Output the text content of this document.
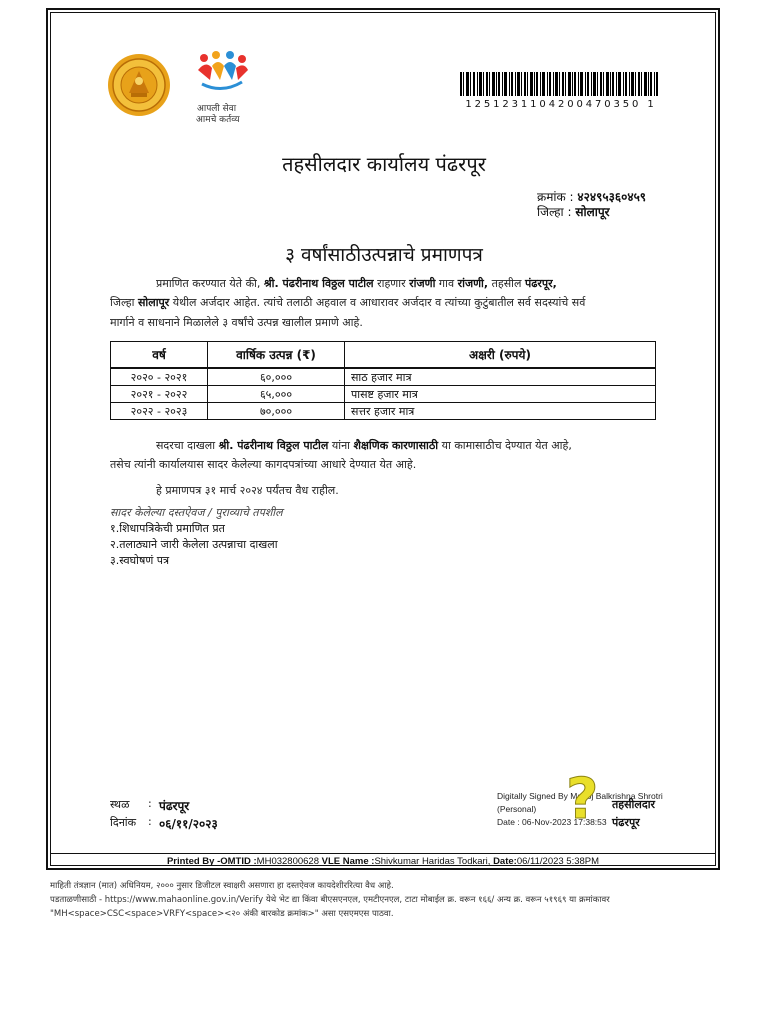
आपली सेवा
आमचे कर्तव्य
1251231104200470350 1
तहसीलदार कार्यालय पंढरपूर
क्रमांक : ४२४९५३६०४५९
जिल्हा : सोलापूर
३ वर्षांसाठीउत्पन्नाचे प्रमाणपत्र
प्रमाणित करण्यात येते की, श्री. पंढरीनाथ विठ्ठल पाटील राहणार रांजणी गाव रांजणी, तहसील पंढरपूर,
जिल्हा सोलापूर येथील अर्जदार आहेत. त्यांचे तलाठी अहवाल व आधारावर अर्जदार व त्यांच्या कुटुंबातील सर्व सदस्यांचे सर्व
मार्गाने व साधनाने मिळालेले ३ वर्षांचे उत्पन्न खालील प्रमाणे आहे.
वर्ष	वार्षिक उत्पन्न (₹)	अक्षरी (रुपये)
२०२० - २०२१	६०,०००	साठ हजार मात्र
२०२१ - २०२२	६५,०००	पासष्ट हजार मात्र
२०२२ - २०२३	७०,०००	सत्तर हजार मात्र
सदरचा दाखला श्री. पंढरीनाथ विठ्ठल पाटील यांना शैक्षणिक कारणासाठी या कामासाठीच देण्यात येत आहे,
तसेच त्यांनी कार्यालयास सादर केलेल्या कागदपत्रांच्या आधारे देण्यात येत आहे.
हे प्रमाणपत्र ३१ मार्च २०२४ पर्यंतच वैध राहील.
सादर केलेल्या दस्तऐवज / पुराव्याचे तपशील
१.शिधापत्रिकेची प्रमाणित प्रत
२.तलाठ्याने जारी केलेला उत्पन्नाचा दाखला
३.स्वघोषणं पत्र
स्थळ : पंढरपूर
दिनांक : ०६/११/२०२३
Digitally Signed By Manoj Balkrishna Shrotri
(Personal)
Date : 06-Nov-2023 17:38:53
तहसीलदार
पंढरपूर
?
Printed By -OMTID :MH032800628 VLE Name :Shivkumar Haridas Todkari, Date:06/11/2023 5:38PM
माहिती तंत्रज्ञान (मात) अधिनियम, २००० नुसार डिजीटल स्वाक्षरी असणारा हा दस्तऐवज कायदेशीररित्या वैध आहे.
पडताळणीसाठी - https://www.mahaonline.gov.in/Verify येथे भेट द्या किंवा बीएसएनएल, एमटीएनएल, टाटा मोबाईल क्र. वरून १६६/ अन्य क्र. वरून ५१९६९ या क्रमांकावर
"MH<space>CSC<space>VRFY<space><२० अंकी बारकोड क्रमांक>" असा एसएमएस पाठवा.
